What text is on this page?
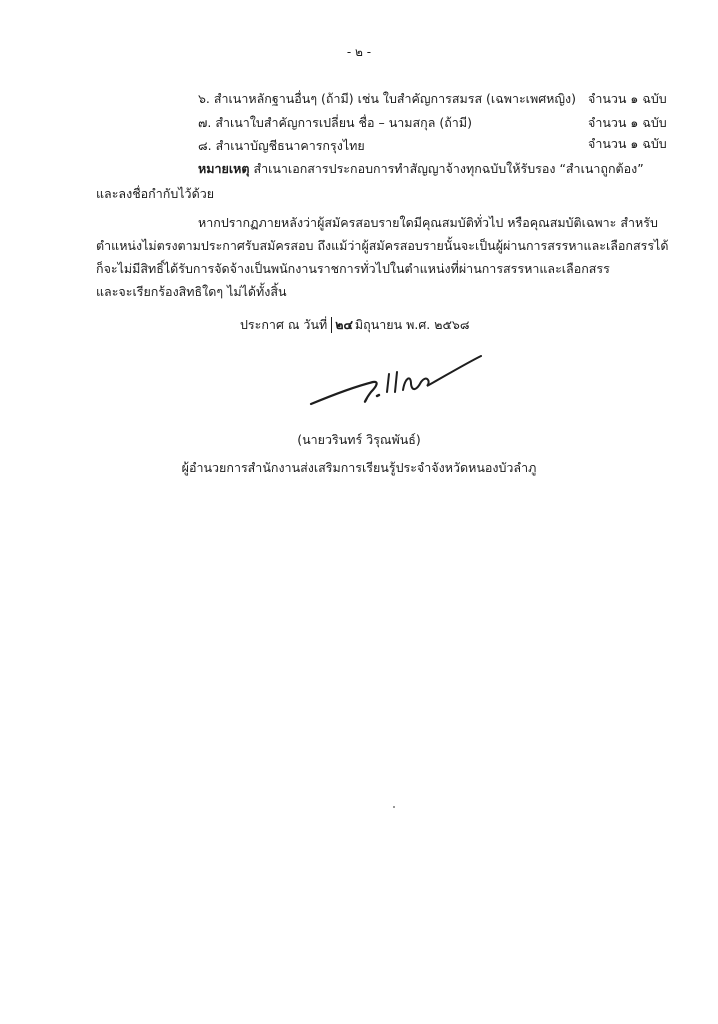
- ๒ -
๖. สำเนาหลักฐานอื่นๆ (ถ้ามี) เช่น ใบสำคัญการสมรส (เฉพาะเพศหญิง) จำนวน ๑ ฉบับ
๗. สำเนาใบสำคัญการเปลี่ยน ชื่อ – นามสกุล (ถ้ามี)	จำนวน ๑ ฉบับ
๘. สำเนาบัญชีธนาคารกรุงไทย	จำนวน ๑ ฉบับ
หมายเหตุ สำเนาเอกสารประกอบการทำสัญญาจ้างทุกฉบับให้รับรอง “สำเนาถูกต้อง”
และลงชื่อกำกับไว้ด้วย
หากปรากฏภายหลังว่าผู้สมัครสอบรายใดมีคุณสมบัติทั่วไป หรือคุณสมบัติเฉพาะ สำหรับ
ตำแหน่งไม่ตรงตามประกาศรับสมัครสอบ ถึงแม้ว่าผู้สมัครสอบรายนั้นจะเป็นผู้ผ่านการสรรหาและเลือกสรรได้
ก็จะไม่มีสิทธิ์ได้รับการจัดจ้างเป็นพนักงานราชการทั่วไปในตำแหน่งที่ผ่านการสรรหาและเลือกสรร
และจะเรียกร้องสิทธิใดๆ ไม่ได้ทั้งสิ้น
ประกาศ ณ วันที่ ๒๔ มิถุนายน พ.ศ. ๒๕๖๘
(นายวรินทร์ วิรุณพันธ์)
ผู้อำนวยการสำนักงานส่งเสริมการเรียนรู้ประจำจังหวัดหนองบัวลำภู
